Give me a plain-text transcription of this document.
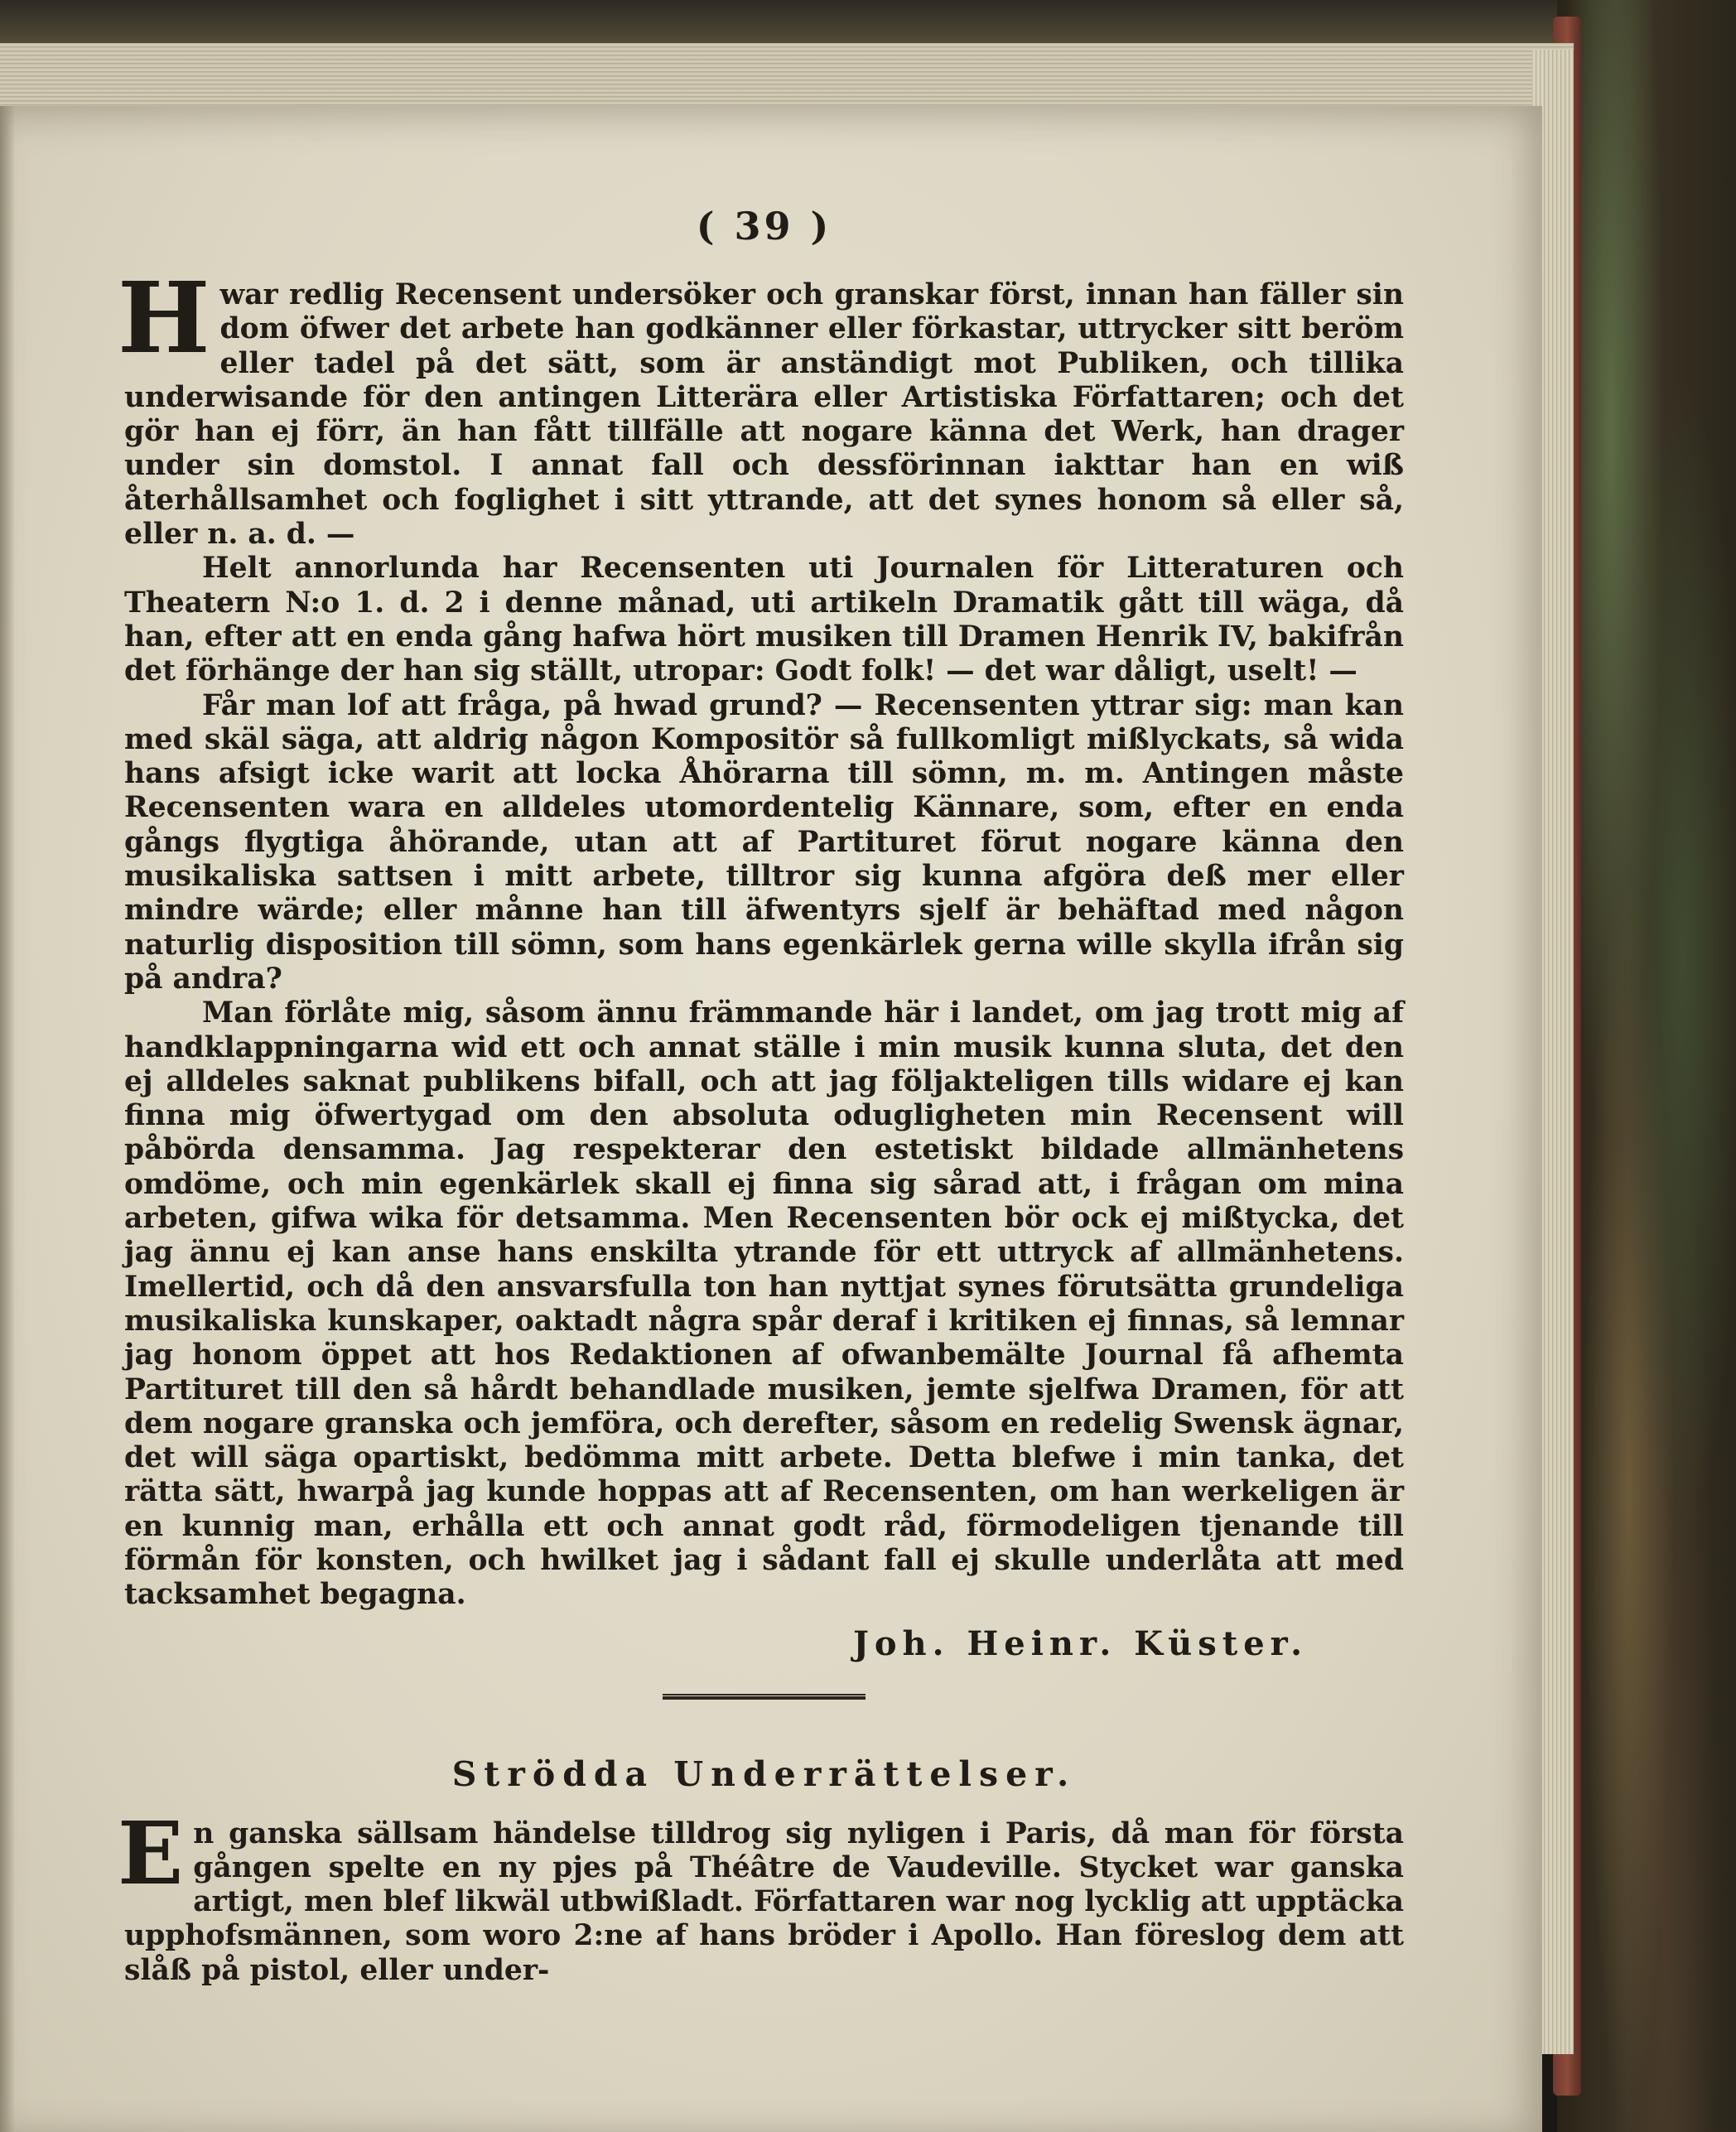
( 39 )

Hwar redlig Recensent undersöker och granskar först, innan han fäller sin dom öfwer det arbete han godkänner eller förkastar, uttrycker sitt beröm eller tadel på det sätt, som är anständigt mot Publiken, och tillika underwisande för den antingen Litterära eller Artistiska Författaren; och det gör han ej förr, än han fått tillfälle att nogare känna det Werk, han drager under sin domstol. I annat fall och dessförinnan iakttar han en wiß återhållsamhet och foglighet i sitt yttrande, att det synes honom så eller så, eller n. a. d. —

Helt annorlunda har Recensenten uti Journalen för Litteraturen och Theatern N:o 1. d. 2 i denne månad, uti artikeln Dramatik gått till wäga, då han, efter att en enda gång hafwa hört musiken till Dramen Henrik IV, bakifrån det förhänge der han sig ställt, utropar: Godt folk! — det war dåligt, uselt! —

Får man lof att fråga, på hwad grund? — Recensenten yttrar sig: man kan med skäl säga, att aldrig någon Kompositör så fullkomligt mißlyckats, så wida hans afsigt icke warit att locka Åhörarna till sömn, m. m. Antingen måste Recensenten wara en alldeles utomordentelig Kännare, som, efter en enda gångs flygtiga åhörande, utan att af Partituret förut nogare känna den musikaliska sattsen i mitt arbete, tilltror sig kunna afgöra deß mer eller mindre wärde; eller månne han till äfwentyrs sjelf är behäftad med någon naturlig disposition till sömn, som hans egenkärlek gerna wille skylla ifrån sig på andra?

Man förlåte mig, såsom ännu främmande här i landet, om jag trott mig af handklappningarna wid ett och annat ställe i min musik kunna sluta, det den ej alldeles saknat publikens bifall, och att jag följakteligen tills widare ej kan finna mig öfwertygad om den absoluta odugligheten min Recensent will påbörda densamma. Jag respekterar den estetiskt bildade allmänhetens omdöme, och min egenkärlek skall ej finna sig sårad att, i frågan om mina arbeten, gifwa wika för detsamma. Men Recensenten bör ock ej mißtycka, det jag ännu ej kan anse hans enskilta ytrande för ett uttryck af allmänhetens. Imellertid, och då den ansvarsfulla ton han nyttjat synes förutsätta grundeliga musikaliska kunskaper, oaktadt några spår deraf i kritiken ej finnas, så lemnar jag honom öppet att hos Redaktionen af ofwanbemälte Journal få afhemta Partituret till den så hårdt behandlade musiken, jemte sjelfwa Dramen, för att dem nogare granska och jemföra, och derefter, såsom en redelig Swensk ägnar, det will säga opartiskt, bedömma mitt arbete. Detta blefwe i min tanka, det rätta sätt, hwarpå jag kunde hoppas att af Recensenten, om han werkeligen är en kunnig man, erhålla ett och annat godt råd, förmodeligen tjenande till förmån för konsten, och hwilket jag i sådant fall ej skulle underlåta att med tacksamhet begagna.

Joh. Heinr. Küster.
Strödda Underrättelser.

En ganska sällsam händelse tilldrog sig nyligen i Paris, då man för första gången spelte en ny pjes på Théâtre de Vaudeville. Stycket war ganska artigt, men blef likwäl utbwißladt. Författaren war nog lycklig att upptäcka upphofsmännen, som woro 2:ne af hans bröder i Apollo. Han föreslog dem att slåß på pistol, eller under-
